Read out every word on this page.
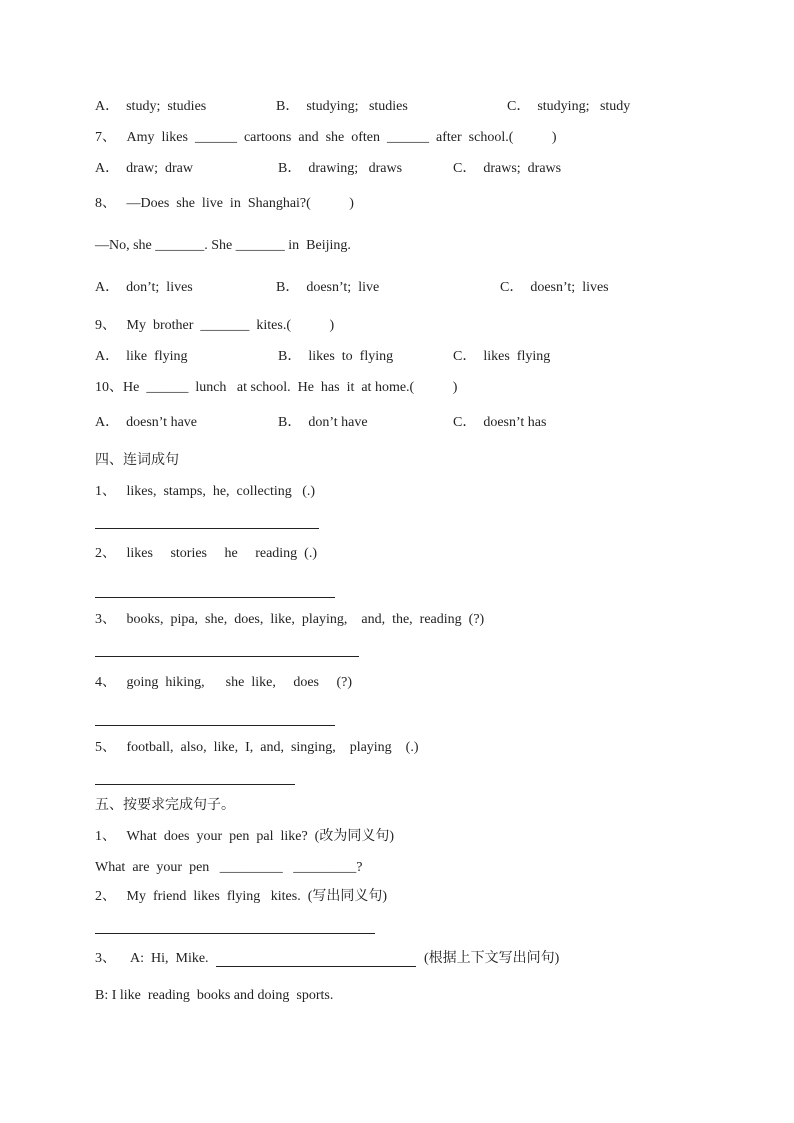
A．  study;  studies	B．  studying;   studies	C．  studying;   study
7、   Amy  likes  ______  cartoons  and  she  often  ______  after  school.(           )
A．  draw;  draw	B．  drawing;   draws	C．  draws;  draws
8、   —Does  she  live  in  Shanghai?(           )
—No, she _______. She _______ in  Beijing.
A．  don’t;  lives	B．  doesn’t;  live	C．  doesn’t;  lives
9、   My  brother  _______  kites.(           )
A．  like  flying	B．  likes  to  flying	C．  likes  flying
10、He  ______  lunch   at school.  He  has  it  at home.(           )
A．  doesn’t have	B．  don’t have	C．  doesn’t has
四、连词成句
1、   likes,  stamps,  he,  collecting   (.)
2、   likes     stories     he     reading  (.)
3、   books,  pipa,  she,  does,  like,  playing,    and,  the,  reading  (?)
4、   going  hiking,      she  like,     does     (?)
5、   football,  also,  like,  I,  and,  singing,    playing    (.)
五、按要求完成句子。
1、   What  does  your  pen  pal  like?  (改为同义句)
What  are  your  pen   _________   _________?
2、   My  friend  likes  flying   kites.  (写出同义句)
3、    A:  Hi,  Mike.	(根据上下文写出问句)
B: I like  reading  books and doing  sports.
